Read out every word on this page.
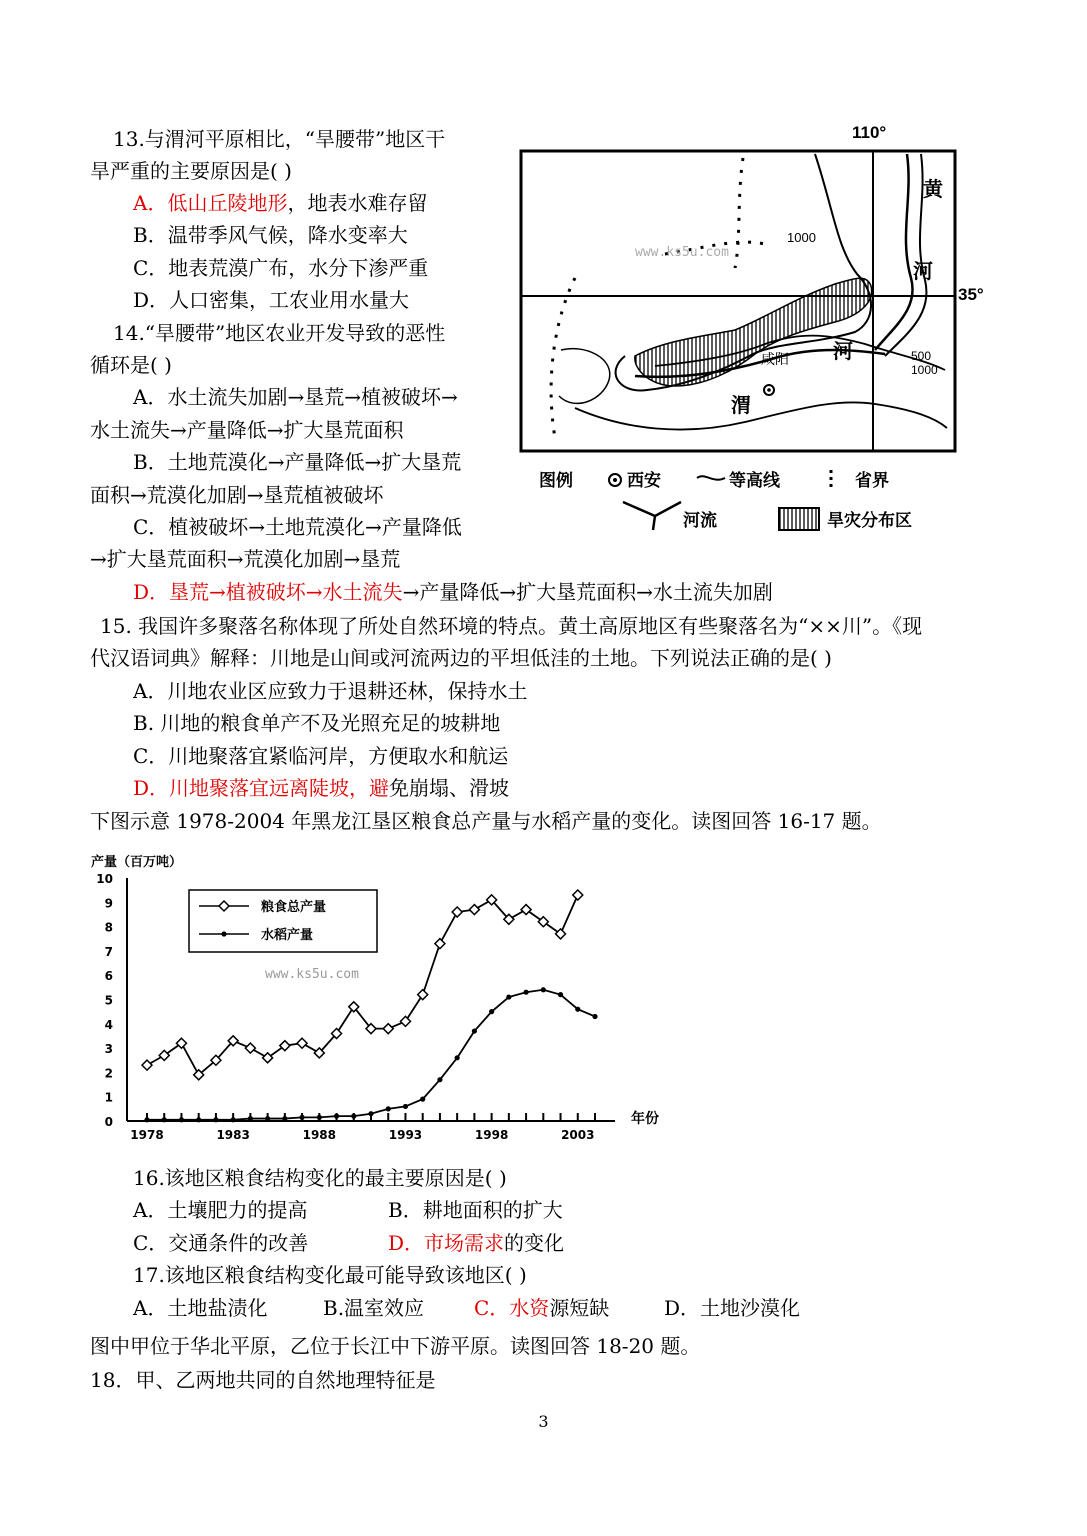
13.与渭河平原相比，“旱腰带”地区干
旱严重的主要原因是( )
A．低山丘陵地形，地表水难存留
B．温带季风气候，降水变率大
C．地表荒漠广布，水分下渗严重
D．人口密集，工农业用水量大
14.“旱腰带”地区农业开发导致的恶性
循环是( )
A．水土流失加剧→垦荒→植被破坏→
水土流失→产量降低→扩大垦荒面积
B．土地荒漠化→产量降低→扩大垦荒
面积→荒漠化加剧→垦荒植被破坏
C．植被破坏→土地荒漠化→产量降低
→扩大垦荒面积→荒漠化加剧→垦荒
D．垦荒→植被破坏→水土流失→产量降低→扩大垦荒面积→水土流失加剧
110°
35°
黄
河
河
渭
1000
500
1000
咸阳
www.ks5u.com
图例	西安	等高线	省界
河流	旱灾分布区
15. 我国许多聚落名称体现了所处自然环境的特点。黄土高原地区有些聚落名为“××川”。《现
代汉语词典》解释：川地是山间或河流两边的平坦低洼的土地。下列说法正确的是( )
A．川地农业区应致力于退耕还林，保持水土
B. 川地的粮食单产不及光照充足的坡耕地
C．川地聚落宜紧临河岸，方便取水和航运
D．川地聚落宜远离陡坡，避免崩塌、滑坡
下图示意 1978-2004 年黑龙江垦区粮食总产量与水稻产量的变化。读图回答 16-17 题。
0
1
2
3
4
5
6
7
8
9
10
1978	1983	1988	1993	1998	2003
产量（百万吨）
年份
www.ks5u.com
粮食总产量
水稻产量
16.该地区粮食结构变化的最主要原因是( )
A．土壤肥力的提高	B．耕地面积的扩大
C．交通条件的改善	D．市场需求的变化
17.该地区粮食结构变化最可能导致该地区( )
A．土地盐渍化	B.温室效应 C．水资源短缺	D．土地沙漠化
图中甲位于华北平原，乙位于长江中下游平原。读图回答 18-20 题。
18．甲、乙两地共同的自然地理特征是
3
